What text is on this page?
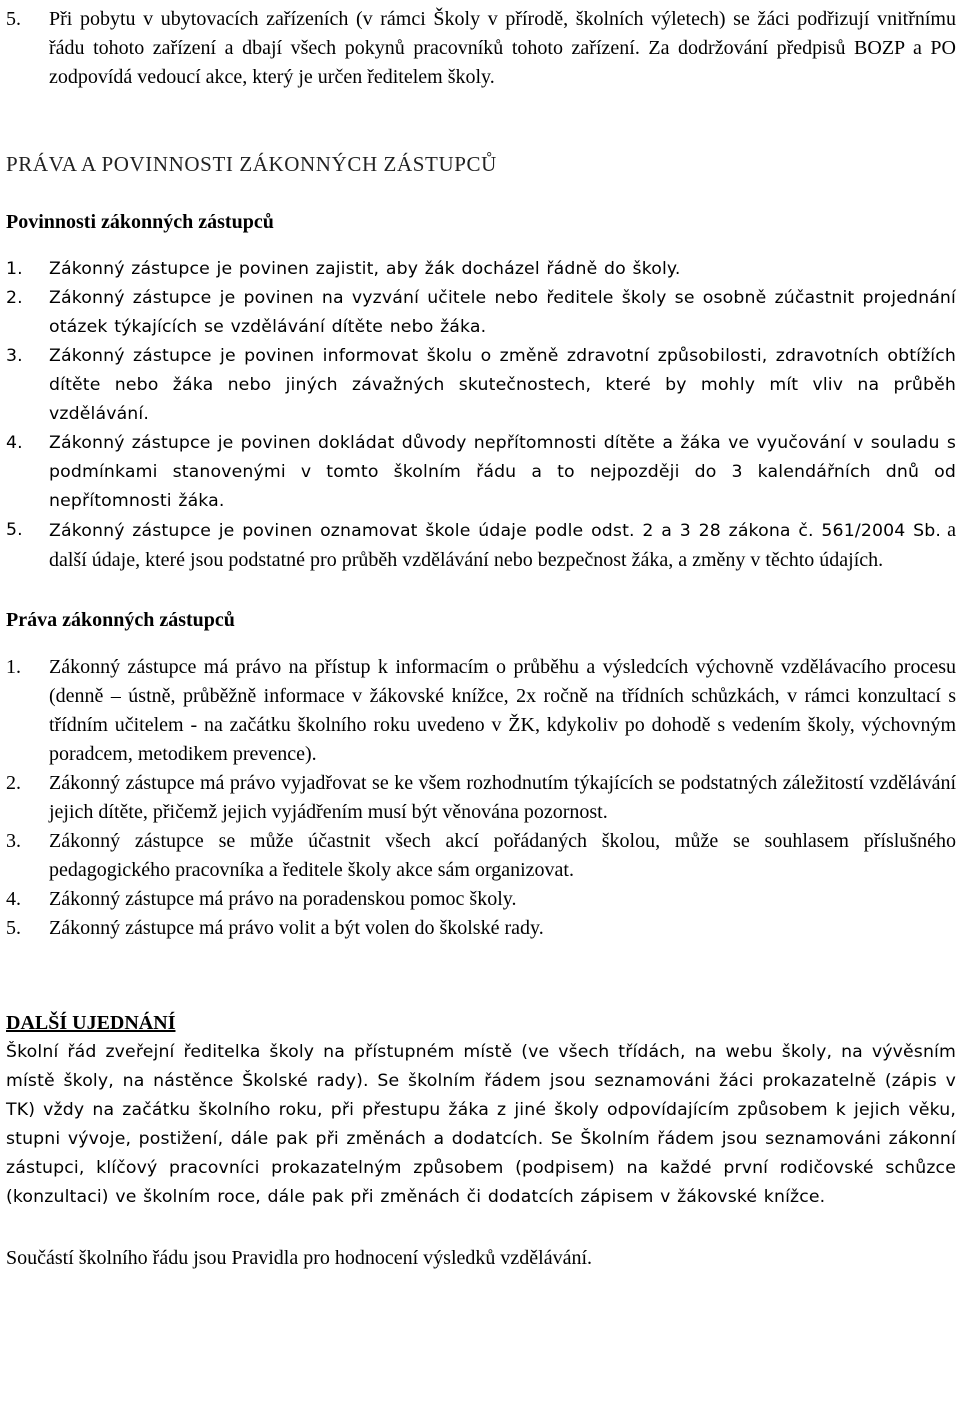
5. Při pobytu v ubytovacích zařízeních (v rámci Školy v přírodě, školních výletech) se žáci podřizují vnitřnímu řádu tohoto zařízení a dbají všech pokynů pracovníků tohoto zařízení. Za dodržování předpisů BOZP a PO zodpovídá vedoucí akce, který je určen ředitelem školy.
PRÁVA A POVINNOSTI ZÁKONNÝCH ZÁSTUPCŮ
Povinnosti zákonných zástupců
1. Zákonný zástupce je povinen zajistit, aby žák docházel řádně do školy.
2. Zákonný zástupce je povinen na vyzvání učitele nebo ředitele školy se osobně zúčastnit projednání otázek týkajících se vzdělávání dítěte nebo žáka.
3. Zákonný zástupce je povinen informovat školu o změně zdravotní způsobilosti, zdravotních obtížích dítěte nebo žáka nebo jiných závažných skutečnostech, které by mohly mít vliv na průběh vzdělávání.
4. Zákonný zástupce je povinen dokládat důvody nepřítomnosti dítěte a žáka ve vyučování v souladu s podmínkami stanovenými v tomto školním řádu a to nejpozději do 3 kalendářních dnů od nepřítomnosti žáka.
5. Zákonný zástupce je povinen oznamovat škole údaje podle odst. 2 a 3 28 zákona č. 561/2004 Sb. a další údaje, které jsou podstatné pro průběh vzdělávání nebo bezpečnost žáka, a změny v těchto údajích.
Práva zákonných zástupců
1. Zákonný zástupce má právo na přístup k informacím o průběhu a výsledcích výchovně vzdělávacího procesu (denně – ústně, průběžně informace v žákovské knížce, 2x ročně na třídních schůzkách, v rámci konzultací s třídním učitelem - na začátku školního roku uvedeno v ŽK, kdykoliv po dohodě s vedením školy, výchovným poradcem, metodikem prevence).
2. Zákonný zástupce má právo vyjadřovat se ke všem rozhodnutím týkajících se podstatných záležitostí vzdělávání jejich dítěte, přičemž jejich vyjádřením musí být věnována pozornost.
3. Zákonný zástupce se může účastnit všech akcí pořádaných školou, může se souhlasem příslušného pedagogického pracovníka a ředitele školy akce sám organizovat.
4. Zákonný zástupce má právo na poradenskou pomoc školy.
5. Zákonný zástupce má právo volit a být volen do školské rady.
DALŠÍ UJEDNÁNÍ

Školní řád zveřejní ředitelka školy na přístupném místě (ve všech třídách, na webu školy, na vývěsním místě školy, na nástěnce Školské rady). Se školním řádem jsou seznamováni žáci prokazatelně (zápis v TK) vždy na začátku školního roku, při přestupu žáka z jiné školy odpovídajícím způsobem k jejich věku, stupni vývoje, postižení, dále pak při změnách a dodatcích. Se Školním řádem jsou seznamováni zákonní zástupci, klíčový pracovníci prokazatelným způsobem (podpisem) na každé první rodičovské schůzce (konzultaci) ve školním roce, dále pak při změnách či dodatcích zápisem v žákovské knížce.

Součástí školního řádu jsou Pravidla pro hodnocení výsledků vzdělávání.
